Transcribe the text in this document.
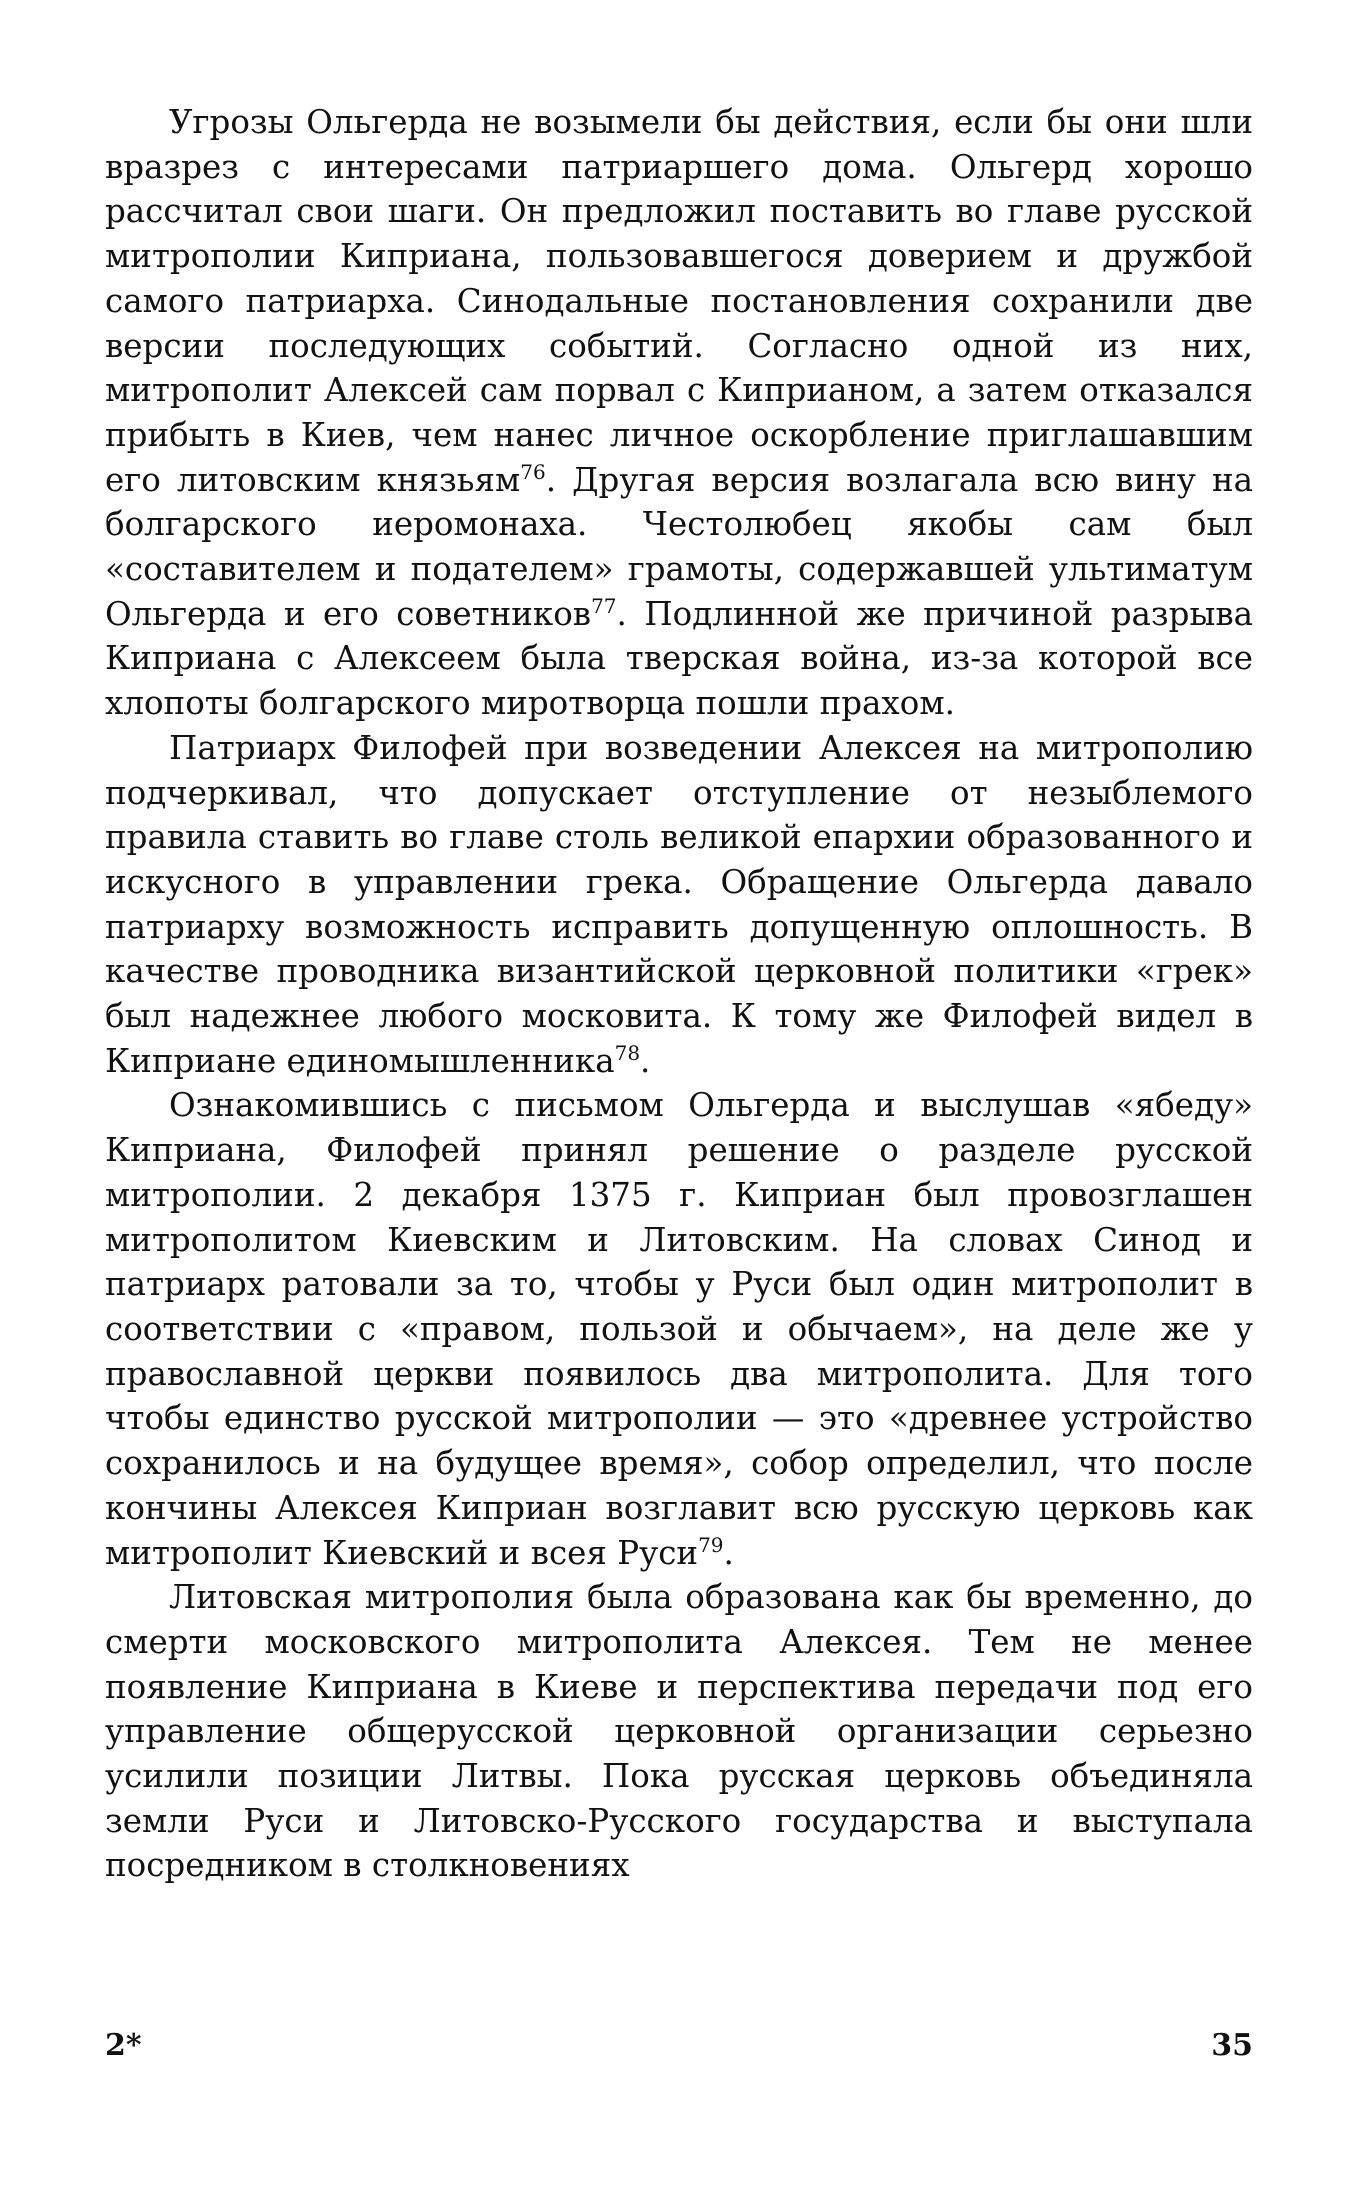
Угрозы Ольгерда не возымели бы действия, если бы они шли вразрез с интересами патриаршего дома. Ольгерд хорошо рассчитал свои шаги. Он предложил поставить во главе русской митрополии Киприана, пользовавшегося доверием и дружбой самого патриарха. Синодальные постановления сохранили две версии последующих событий. Согласно одной из них, митрополит Алексей сам порвал с Киприаном, а затем отказался прибыть в Киев, чем нанес личное оскорбление приглашавшим его литовским князьям$^{76}$. Другая версия возлагала всю вину на болгарского иеромонаха. Честолюбец якобы сам был «составителем и подателем» грамоты, содержавшей ультиматум Ольгерда и его советников$^{77}$. Подлинной же причиной разрыва Киприана с Алексеем была тверская война, из-за которой все хлопоты болгарского миротворца пошли прахом.

Патриарх Филофей при возведении Алексея на митрополию подчеркивал, что допускает отступление от незыблемого правила ставить во главе столь великой епархии образованного и искусного в управлении грека. Обращение Ольгерда давало патриарху возможность исправить допущенную оплошность. В качестве проводника византийской церковной политики «грек» был надежнее любого московита. К тому же Филофей видел в Киприане единомышленника$^{78}$.

Ознакомившись с письмом Ольгерда и выслушав «ябеду» Киприана, Филофей принял решение о разделе русской митрополии. 2 декабря 1375 г. Киприан был провозглашен митрополитом Киевским и Литовским. На словах Синод и патриарх ратовали за то, чтобы у Руси был один митрополит в соответствии с «правом, пользой и обычаем», на деле же у православной церкви появилось два митрополита. Для того чтобы единство русской митрополии — это «древнее устройство сохранилось и на будущее время», собор определил, что после кончины Алексея Киприан возглавит всю русскую церковь как митрополит Киевский и всея Руси$^{79}$.

Литовская митрополия была образована как бы временно, до смерти московского митрополита Алексея. Тем не менее появление Киприана в Киеве и перспектива передачи под его управление общерусской церковной организации серьезно усилили позиции Литвы. Пока русская церковь объединяла земли Руси и Литовско-Русского государства и выступала посредником в столкновениях

2*	35
